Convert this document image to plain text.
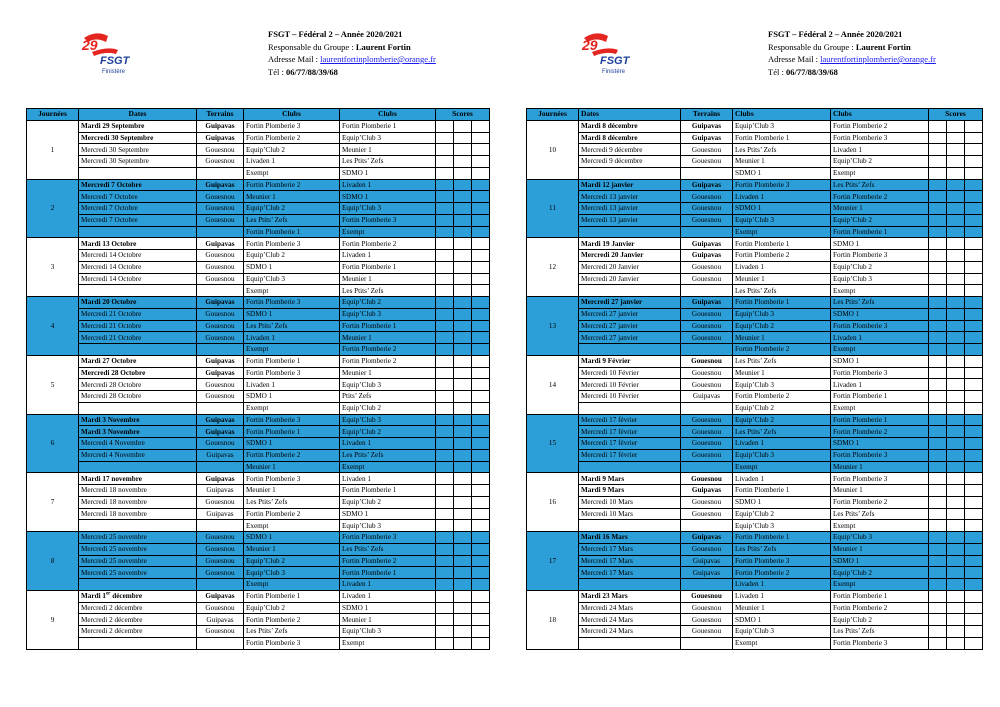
29
FSGT
Finistère
FSGT – Fédéral 2 – Année 2020/2021
Responsable du Groupe : Laurent Fortin
Adresse Mail : laurentfortinplomberie@orange.fr
Tél : 06/77/88/39/68
Journées	Dates	Terrains	Clubs	Clubs	Scores		
1	Mardi 29 Septembre	Guipavas	Fortin Plomberie 3	Fortin Plomberie 1			
	Mercredi 30 Septembre	Guipavas	Fortin Plomberie 2	Equip’Club 3			
	Mercredi 30 Septembre	Gouesnou	Equip’Club 2	Meunier 1			
	Mercredi 30 Septembre	Gouesnou	Livaden 1	Les Ptits’ Zefs			
			Exempt	SDMO 1			
2	Mercredi 7 Octobre	Guipavas	Fortin Plomberie 2	Livaden 1			
	Mercredi 7 Octobre	Gouesnou	Meunier 1	SDMO 1			
	Mercredi 7 Octobre	Gouesnou	Equip’Club 2	Equip’Club 3			
	Mercredi 7 Octobre	Gouesnou	Les Ptits’ Zefs	Fortin Plomberie 3			
			Fortin Plomberie 1	Exempt			
3	Mardi 13 Octobre	Guipavas	Fortin Plomberie 3	Fortin Plomberie 2			
	Mercredi 14 Octobre	Gouesnou	Equip’Club 2	Livaden 1			
	Mercredi 14 Octobre	Gouesnou	SDMO 1	Fortin Plomberie 1			
	Mercredi 14 Octobre	Gouesnou	Equip’Club 3	Meunier 1			
			Exempt	Les Ptits’ Zefs			
4	Mardi 20 Octobre	Guipavas	Fortin Plomberie 3	Equip’Club 2			
	Mercredi 21 Octobre	Gouesnou	SDMO 1	Equip’Club 3			
	Mercredi 21 Octobre	Gouesnou	Les Ptits’ Zefs	Fortin Plomberie 1			
	Mercredi 21 Octobre	Gouesnou	Livaden 1	Meunier 1			
			Exempt	Fortin Plomberie 2			
5	Mardi 27 Octobre	Guipavas	Fortin Plomberie 1	Fortin Plomberie 2			
	Mercredi 28 Octobre	Guipavas	Fortin Plomberie 3	Meunier 1			
	Mercredi 28 Octobre	Gouesnou	Livaden 1	Equip’Club 3			
	Mercredi 28 Octobre	Gouesnou	SDMO 1	Ptits’ Zefs			
			Exempt	Equip’Club 2			
6	Mardi 3 Novembre	Guipavas	Fortin Plomberie 3	Equip’Club 3			
	Mardi 3 Novembre	Guipavas	Fortin Plomberie 1	Equip’Club 2			
	Mercredi 4 Novembre	Gouesnou	SDMO 1	Livaden 1			
	Mercredi 4 Novembre	Guipavas	Fortin Plomberie 2	Les Ptits’ Zefs			
			Meunier 1	Exempt			
7	Mardi 17 novembre	Guipavas	Fortin Plomberie 3	Livaden 1			
	Mercredi 18 novembre	Guipavas	Meunier 1	Fortin Plomberie 1			
	Mercredi 18 novembre	Gouesnou	Les Ptits’ Zefs	Equip’Club 2			
	Mercredi 18 novembre	Guipavas	Fortin Plomberie 2	SDMO 1			
			Exempt	Equip’Club 3			
8	Mercredi 25 novembre	Gouesnou	SDMO 1	Fortin Plomberie 3			
	Mercredi 25 novembre	Gouesnou	Meunier 1	Les Ptits’ Zefs			
	Mercredi 25 novembre	Gouesnou	Equip’Club 2	Fortin Plomberie 2			
	Mercredi 25 novembre	Gouesnou	Equip’Club 3	Fortin Plomberie 1			
			Exempt	Livaden 1			
9	Mardi 1er décembre	Guipavas	Fortin Plomberie 1	Livaden 1			
	Mercredi 2 décembre	Gouesnou	Equip’Club 2	SDMO 1			
	Mercredi 2 décembre	Guipavas	Fortin Plomberie 2	Meunier 1			
	Mercredi 2 décembre	Gouesnou	Les Ptits’ Zefs	Equip’Club 3			
			Fortin Plomberie 3	Exempt			
29
FSGT
Finistère
FSGT – Fédéral 2 – Année 2020/2021
Responsable du Groupe : Laurent Fortin
Adresse Mail : laurentfortinplomberie@orange.fr
Tél : 06/77/88/39/68
Journées	Dates	Terrains	Clubs	Clubs	Scores		
10	Mardi 8 décembre	Guipavas	Equip’Club 3	Fortin Plomberie 2			
	Mardi 8 décembre	Guipavas	Fortin Plomberie 1	Fortin Plomberie 3			
	Mercredi 9 décembre	Gouesnou	Les Ptits’ Zefs	Livaden 1			
	Mercredi 9 décembre	Gouesnou	Meunier 1	Equip’Club 2			
			SDMO 1	Exempt			
11	Mardi 12 janvier	Guipavas	Fortin Plomberie 3	Les Ptits’ Zefs			
	Mercredi 13 janvier	Gouesnou	Livaden 1	Fortin Plomberie 2			
	Mercredi 13 janvier	Gouesnou	SDMO 1	Meunier 1			
	Mercredi 13 janvier	Gouesnou	Equip’Club 3	Equip’Club 2			
			Exempt	Fortin Plomberie 1			
12	Mardi 19 Janvier	Guipavas	Fortin Plomberie 1	SDMO 1			
	Mercredi 20 Janvier	Guipavas	Fortin Plomberie 2	Fortin Plomberie 3			
	Mercredi 20 Janvier	Gouesnou	Livaden 1	Equip’Club 2			
	Mercredi 20 Janvier	Gouesnou	Meunier 1	Equip’Club 3			
			Les Ptits’ Zefs	Exempt			
13	Mercredi 27 janvier	Guipavas	Fortin Plomberie 1	Les Ptits’ Zefs			
	Mercredi 27 janvier	Gouesnou	Equip’Club 3	SDMO 1			
	Mercredi 27 janvier	Gouesnou	Equip’Club 2	Fortin Plomberie 3			
	Mercredi 27 janvier	Gouesnou	Meunier 1	Livaden 1			
			Fortin Plomberie 2	Exempt			
14	Mardi 9 Février	Gouesnou	Les Ptits’ Zefs	SDMO 1			
	Mercredi 10 Février	Gouesnou	Meunier 1	Fortin Plomberie 3			
	Mercredi 10 Février	Gouesnou	Equip’Club 3	Livaden 1			
	Mercredi 10 Février	Guipavas	Fortin Plomberie 2	Fortin Plomberie 1			
			Equip’Club 2	Exempt			
15	Mercredi 17 février	Gouesnou	Equip’Club 2	Fortin Plomberie 1			
	Mercredi 17 février	Gouesnou	Les Ptits’ Zefs	Fortin Plomberie 2			
	Mercredi 17 février	Gouesnou	Livaden 1	SDMO 1			
	Mercredi 17 février	Gouesnou	Equip’Club 3	Fortin Plomberie 3			
			Exempt	Meunier 1			
16	Mardi 9 Mars	Gouesnou	Livaden 1	Fortin Plomberie 3			
	Mardi 9 Mars	Guipavas	Fortin Plomberie 1	Meunier 1			
	Mercredi 10 Mars	Gouesnou	SDMO 1	Fortin Plomberie 2			
	Mercredi 10 Mars	Gouesnou	Equip’Club 2	Les Ptits’ Zefs			
			Equip’Club 3	Exempt			
17	Mardi 16 Mars	Guipavas	Fortin Plomberie 1	Equip’Club 3			
	Mercredi 17 Mars	Gouesnou	Les Ptits’ Zefs	Meunier 1			
	Mercredi 17 Mars	Guipavas	Fortin Plomberie 3	SDMO 1			
	Mercredi 17 Mars	Guipavas	Fortin Plomberie 2	Equip’Club 2			
			Livaden 1	Exempt			
18	Mardi 23 Mars	Gouesnou	Livaden 1	Fortin Plomberie 1			
	Mercredi 24 Mars	Gouesnou	Meunier 1	Fortin Plomberie 2			
	Mercredi 24 Mars	Gouesnou	SDMO 1	Equip’Club 2			
	Mercredi 24 Mars	Gouesnou	Equip’Club 3	Les Ptits’ Zefs			
			Exempt	Fortin Plomberie 3			
